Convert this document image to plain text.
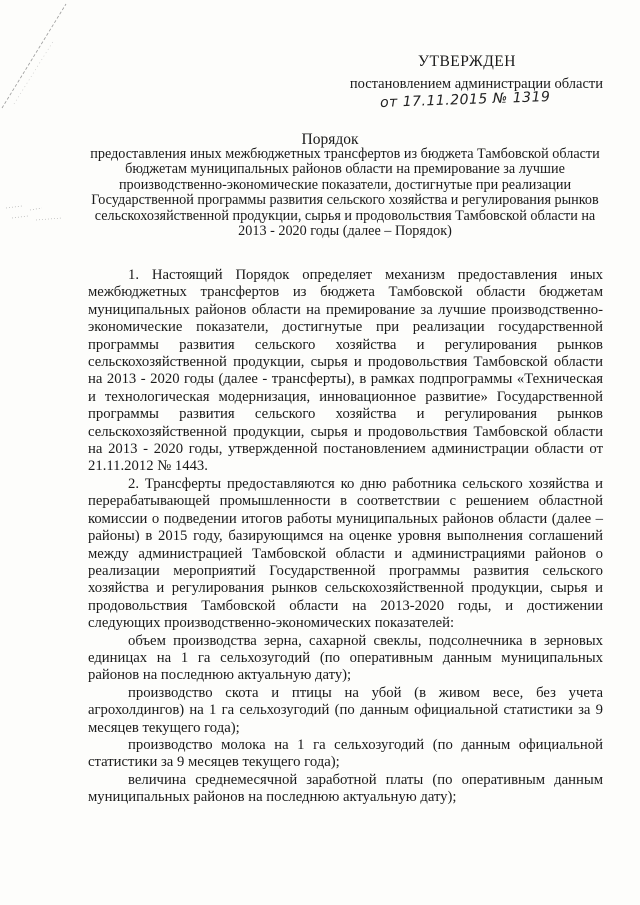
УТВЕРЖДЕН
постановлением администрации области
от 17.11.2015 № 1319
Порядок
предоставления иных межбюджетных трансфертов из бюджета Тамбовской области бюджетам муниципальных районов области на премирование за лучшие производственно-экономические показатели, достигнутые при реализации Государственной программы развития сельского хозяйства и регулирования рынков сельскохозяйственной продукции, сырья и продовольствия Тамбовской области на 2013 - 2020 годы (далее – Порядок)

1. Настоящий Порядок определяет механизм предоставления иных межбюджетных трансфертов из бюджета Тамбовской области бюджетам муниципальных районов области на премирование за лучшие производственно-экономические показатели, достигнутые при реализации государственной программы развития сельского хозяйства и регулирования рынков сельскохозяйственной продукции, сырья и продовольствия Тамбовской области на 2013 - 2020 годы (далее - трансферты), в рамках подпрограммы «Техническая и технологическая модернизация, инновационное развитие» Государственной программы развития сельского хозяйства и регулирования рынков сельскохозяйственной продукции, сырья и продовольствия Тамбовской области на 2013 - 2020 годы, утвержденной постановлением администрации области от 21.11.2012 № 1443.

2. Трансферты предоставляются ко дню работника сельского хозяйства и перерабатывающей промышленности в соответствии с решением областной комиссии о подведении итогов работы муниципальных районов области (далее – районы) в 2015 году, базирующимся на оценке уровня выполнения соглашений между администрацией Тамбовской области и администрациями районов о реализации мероприятий Государственной программы развития сельского хозяйства и регулирования рынков сельскохозяйственной продукции, сырья и продовольствия Тамбовской области на 2013-2020 годы, и достижении следующих производственно-экономических показателей:

объем производства зерна, сахарной свеклы, подсолнечника в зерновых единицах на 1 га сельхозугодий (по оперативным данным муниципальных районов на последнюю актуальную дату);

производство скота и птицы на убой (в живом весе, без учета агрохолдингов) на 1 га сельхозугодий (по данным официальной статистики за 9 месяцев текущего года);

производство молока на 1 га сельхозугодий (по данным официальной статистики за 9 месяцев текущего года);

величина среднемесячной заработной платы (по оперативным данным муниципальных районов на последнюю актуальную дату);
